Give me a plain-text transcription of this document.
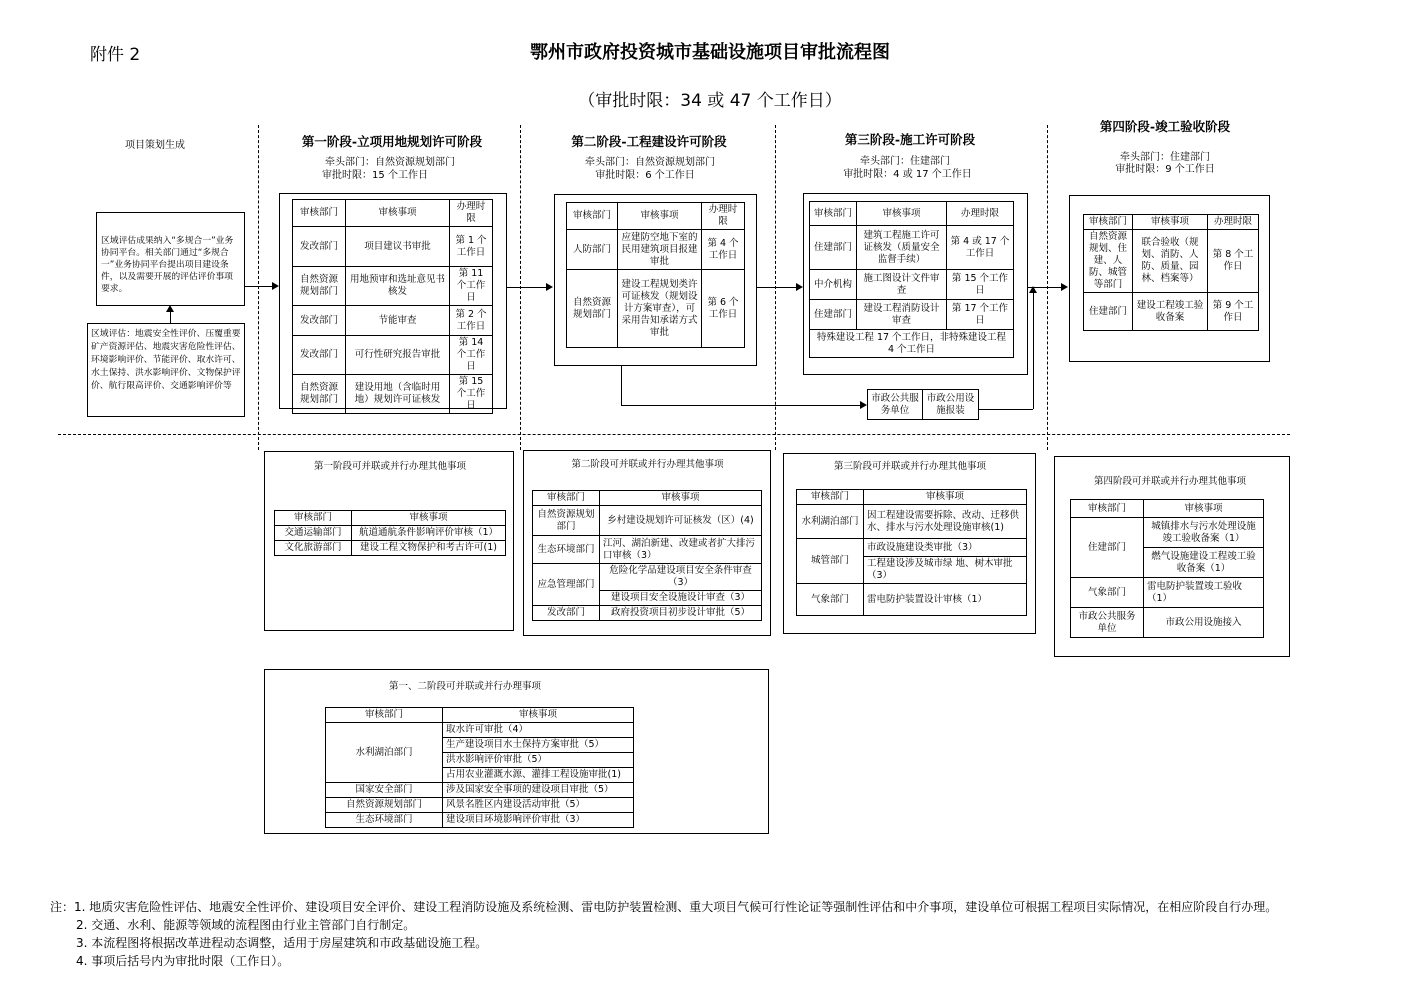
附件 2	鄂州市政府投资城市基础设施项目审批流程图
（审批时限：34 或 47 个工作日）
项目策划生成
区域评估成果纳入“多规合一”业务协同平台。相关部门通过“多规合一”业务协同平台提出项目建设条件，以及需要开展的评估评价事项要求。
区域评估：地震安全性评价、压覆重要矿产资源评估、地震灾害危险性评估、环境影响评价、节能评价、取水许可、水土保持、洪水影响评价、文物保护评价、航行限高评价、交通影响评价等
第一阶段-立项用地规划许可阶段
牵头部门：自然资源规划部门
审批时限：15 个工作日
审核部门	审核事项	办理时限
发改部门	项目建议书审批	第 1 个工作日
自然资源规划部门	用地预审和选址意见书核发	第 11 个工作日
发改部门	节能审查	第 2 个工作日
发改部门	可行性研究报告审批	第 14 个工作日
自然资源规划部门	建设用地（含临时用地）规划许可证核发	第 15 个工作日
第二阶段-工程建设许可阶段
牵头部门：自然资源规划部门
审批时限：6 个工作日
审核部门	审核事项	办理时限
人防部门	应建防空地下室的民用建筑项目报建审批	第 4 个工作日
自然资源规划部门	建设工程规划类许可证核发（规划设计方案审查），可采用告知承诺方式审批	第 6 个工作日
第三阶段-施工许可阶段
牵头部门：住建部门
审批时限：4 或 17 个工作日
审核部门	审核事项	办理时限
住建部门	建筑工程施工许可证核发（质量安全监督手续）	第 4 或 17 个工作日
中介机构	施工图设计文件审查	第 15 个工作日
住建部门	建设工程消防设计审查	第 17 个工作日
特殊建设工程 17 个工作日，非特殊建设工程 4 个工作日		
市政公共服务单位	市政公用设施报装
第四阶段-竣工验收阶段
牵头部门：住建部门
审批时限：9 个工作日
审核部门	审核事项	办理时限
自然资源规划、住建、人防、城管等部门	联合验收（规划、消防、人防、质量、园林、档案等）	第 8 个工作日
住建部门	建设工程竣工验收备案	第 9 个工作日
第一阶段可并联或并行办理其他事项
审核部门	审核事项
交通运输部门	航道通航条件影响评价审核（1）
文化旅游部门	建设工程文物保护和考古许可(1)
第二阶段可并联或并行办理其他事项
审核部门	审核事项
自然资源规划部门	乡村建设规划许可证核发（区）(4)
生态环境部门	江河、湖泊新建、改建或者扩大排污口审核（3）
应急管理部门	危险化学品建设项目安全条件审查（3）
	建设项目安全设施设计审查（3）
发改部门	政府投资项目初步设计审批（5）
第三阶段可并联或并行办理其他事项
审核部门	审核事项
水利湖泊部门	因工程建设需要拆除、改动、迁移供水、排水与污水处理设施审核(1)
城管部门	市政设施建设类审批（3）
	工程建设涉及城市绿 地、树木审批（3）
气象部门	雷电防护装置设计审核（1）
第四阶段可并联或并行办理其他事项
审核部门	审核事项
住建部门	城镇排水与污水处理设施竣工验收备案（1）
	燃气设施建设工程竣工验收备案（1）
气象部门	雷电防护装置竣工验收（1）
市政公共服务单位	市政公用设施接入
第一、二阶段可并联或并行办理事项
审核部门	审核事项
水利湖泊部门	取水许可审批（4）
	生产建设项目水土保持方案审批（5）
	洪水影响评价审批（5）
	占用农业灌溉水源、灌排工程设施审批(1)
国家安全部门	涉及国家安全事项的建设项目审批（5）
自然资源规划部门	风景名胜区内建设活动审批（5）
生态环境部门	建设项目环境影响评价审批（3）
注：1. 地质灾害危险性评估、地震安全性评价、建设项目安全评价、建设工程消防设施及系统检测、雷电防护装置检测、重大项目气候可行性论证等强制性评估和中介事项，建设单位可根据工程项目实际情况，在相应阶段自行办理。
2. 交通、水利、能源等领域的流程图由行业主管部门自行制定。
3. 本流程图将根据改革进程动态调整，适用于房屋建筑和市政基础设施工程。
4. 事项后括号内为审批时限（工作日）。
